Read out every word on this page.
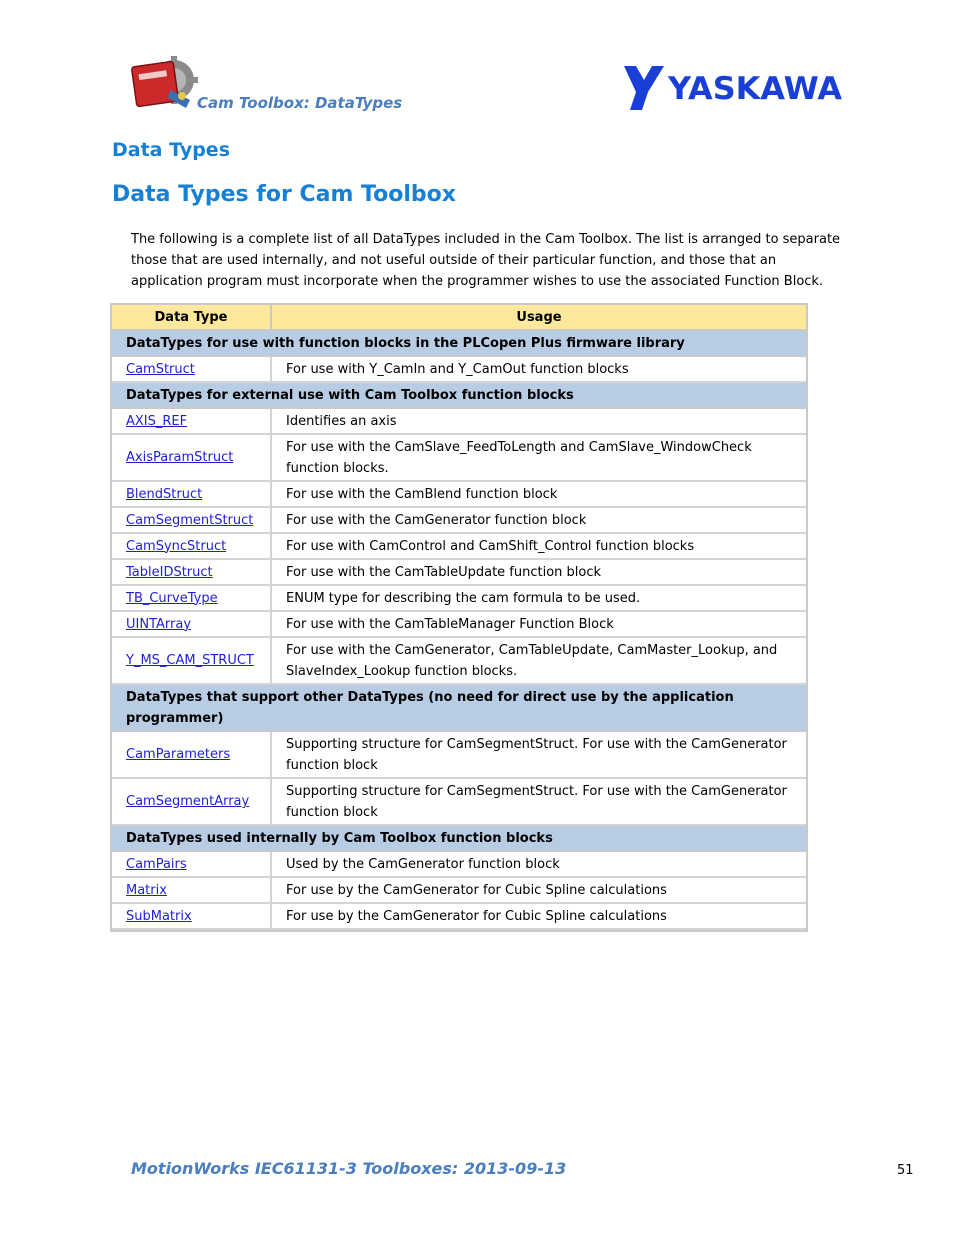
Cam Toolbox: DataTypes	YASKAWA
Data Types
Data Types for Cam Toolbox
The following is a complete list of all DataTypes included in the Cam Toolbox. The list is arranged to separate those that are used internally, and not useful outside of their particular function, and those that an application program must incorporate when the programmer wishes to use the associated Function Block.
Data Type	Usage
DataTypes for use with function blocks in the PLCopen Plus firmware library	
CamStruct	For use with Y_CamIn and Y_CamOut function blocks
DataTypes for external use with Cam Toolbox function blocks	
AXIS_REF	Identifies an axis
AxisParamStruct	For use with the CamSlave_FeedToLength and CamSlave_WindowCheck function blocks.
BlendStruct	For use with the CamBlend function block
CamSegmentStruct	For use with the CamGenerator function block
CamSyncStruct	For use with CamControl and CamShift_Control function blocks
TableIDStruct	For use with the CamTableUpdate function block
TB_CurveType	ENUM type for describing the cam formula to be used.
UINTArray	For use with the CamTableManager Function Block
Y_MS_CAM_STRUCT	For use with the CamGenerator, CamTableUpdate, CamMaster_Lookup, and SlaveIndex_Lookup function blocks.
DataTypes that support other DataTypes (no need for direct use by the application programmer)	
CamParameters	Supporting structure for CamSegmentStruct. For use with the CamGenerator function block
CamSegmentArray	Supporting structure for CamSegmentStruct. For use with the CamGenerator function block
DataTypes used internally by Cam Toolbox function blocks	
CamPairs	Used by the CamGenerator function block
Matrix	For use by the CamGenerator for Cubic Spline calculations
SubMatrix	For use by the CamGenerator for Cubic Spline calculations
MotionWorks IEC61131-3 Toolboxes: 2013-09-13	51
